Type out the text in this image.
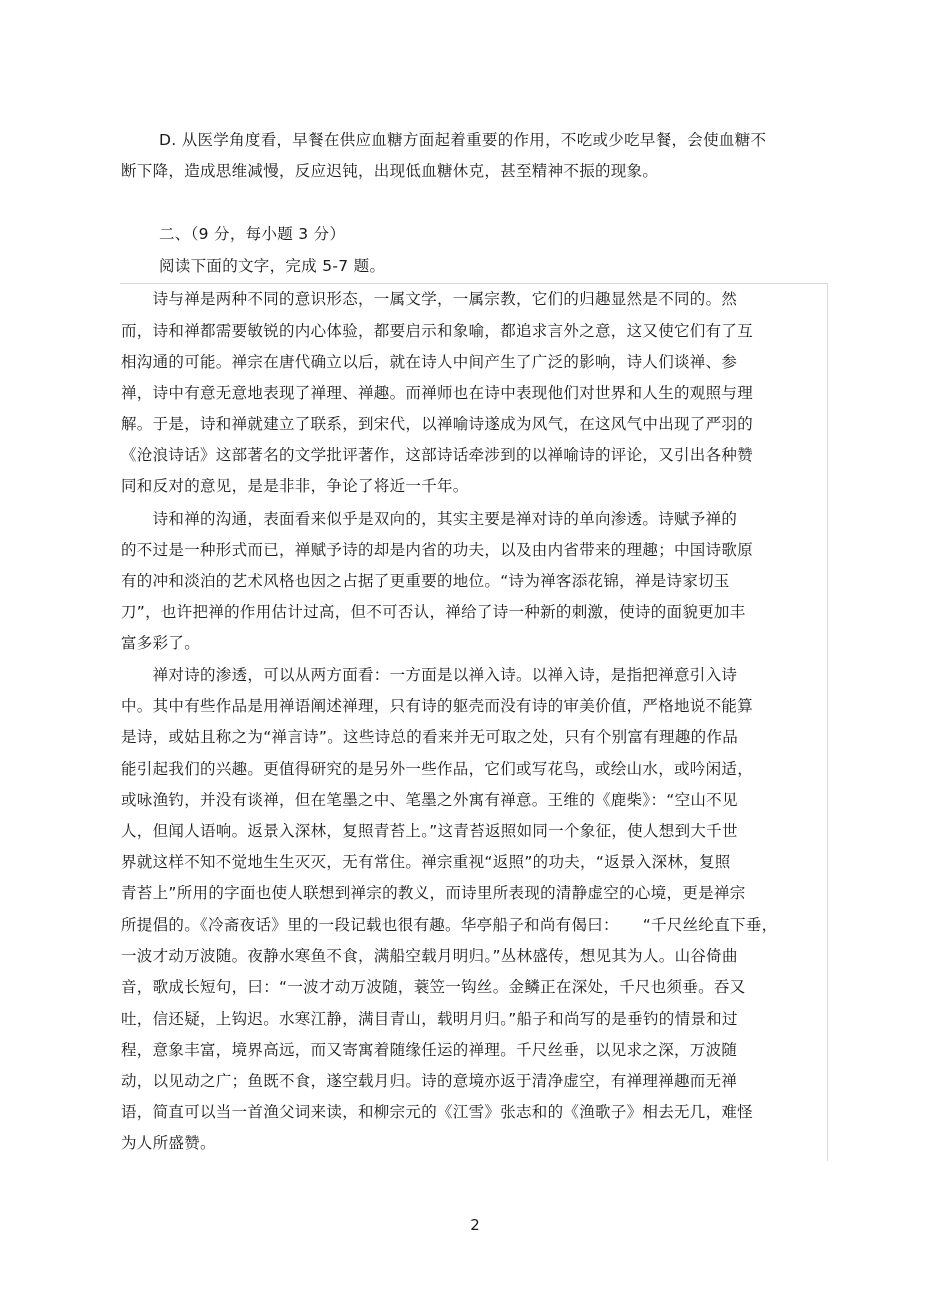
D. 从医学角度看，早餐在供应血糖方面起着重要的作用，不吃或少吃早餐，会使血糖不
断下降，造成思维减慢，反应迟钝，出现低血糖休克，甚至精神不振的现象。
二、（9 分，每小题 3 分）
阅读下面的文字，完成 5-7 题。
　　诗与禅是两种不同的意识形态，一属文学，一属宗教，它们的归趣显然是不同的。然
而，诗和禅都需要敏锐的内心体验，都要启示和象喻，都追求言外之意，这又使它们有了互
相沟通的可能。禅宗在唐代确立以后，就在诗人中间产生了广泛的影响，诗人们谈禅、参
禅，诗中有意无意地表现了禅理、禅趣。而禅师也在诗中表现他们对世界和人生的观照与理
解。于是，诗和禅就建立了联系，到宋代，以禅喻诗遂成为风气，在这风气中出现了严羽的
《沧浪诗话》这部著名的文学批评著作，这部诗话牵涉到的以禅喻诗的评论，又引出各种赞
同和反对的意见，是是非非，争论了将近一千年。
　　诗和禅的沟通，表面看来似乎是双向的，其实主要是禅对诗的单向渗透。诗赋予禅的
的不过是一种形式而已，禅赋予诗的却是内省的功夫，以及由内省带来的理趣；中国诗歌原
有的冲和淡泊的艺术风格也因之占据了更重要的地位。“诗为禅客添花锦，禅是诗家切玉
刀”，也许把禅的作用估计过高，但不可否认，禅给了诗一种新的刺激，使诗的面貌更加丰
富多彩了。
　　禅对诗的渗透，可以从两方面看：一方面是以禅入诗。以禅入诗，是指把禅意引入诗
中。其中有些作品是用禅语阐述禅理，只有诗的躯壳而没有诗的审美价值，严格地说不能算
是诗，或姑且称之为“禅言诗”。这些诗总的看来并无可取之处，只有个别富有理趣的作品
能引起我们的兴趣。更值得研究的是另外一些作品，它们或写花鸟，或绘山水，或吟闲适，
或咏渔钓，并没有谈禅，但在笔墨之中、笔墨之外寓有禅意。王维的《鹿柴》：“空山不见
人，但闻人语响。返景入深林，复照青苔上。”这青苔返照如同一个象征，使人想到大千世
界就这样不知不觉地生生灭灭，无有常住。禅宗重视“返照”的功夫，“返景入深林，复照
青苔上”所用的字面也使人联想到禅宗的教义，而诗里所表现的清静虚空的心境，更是禅宗
所提倡的。《冷斋夜话》里的一段记载也很有趣。华亭船子和尚有偈曰：　　“千尺丝纶直下垂，
一波才动万波随。夜静水寒鱼不食，满船空载月明归。”丛林盛传，想见其为人。山谷倚曲
音，歌成长短句，曰：“一波才动万波随，蓑笠一钩丝。金鳞正在深处，千尺也须垂。吞又
吐，信还疑，上钩迟。水寒江静，满目青山，载明月归。”船子和尚写的是垂钓的情景和过
程，意象丰富，境界高远，而又寄寓着随缘任运的禅理。千尺丝垂，以见求之深，万波随
动，以见动之广；鱼既不食，遂空载月归。诗的意境亦返于清净虚空，有禅理禅趣而无禅
语，简直可以当一首渔父词来读，和柳宗元的《江雪》张志和的《渔歌子》相去无几，难怪
为人所盛赞。
2
